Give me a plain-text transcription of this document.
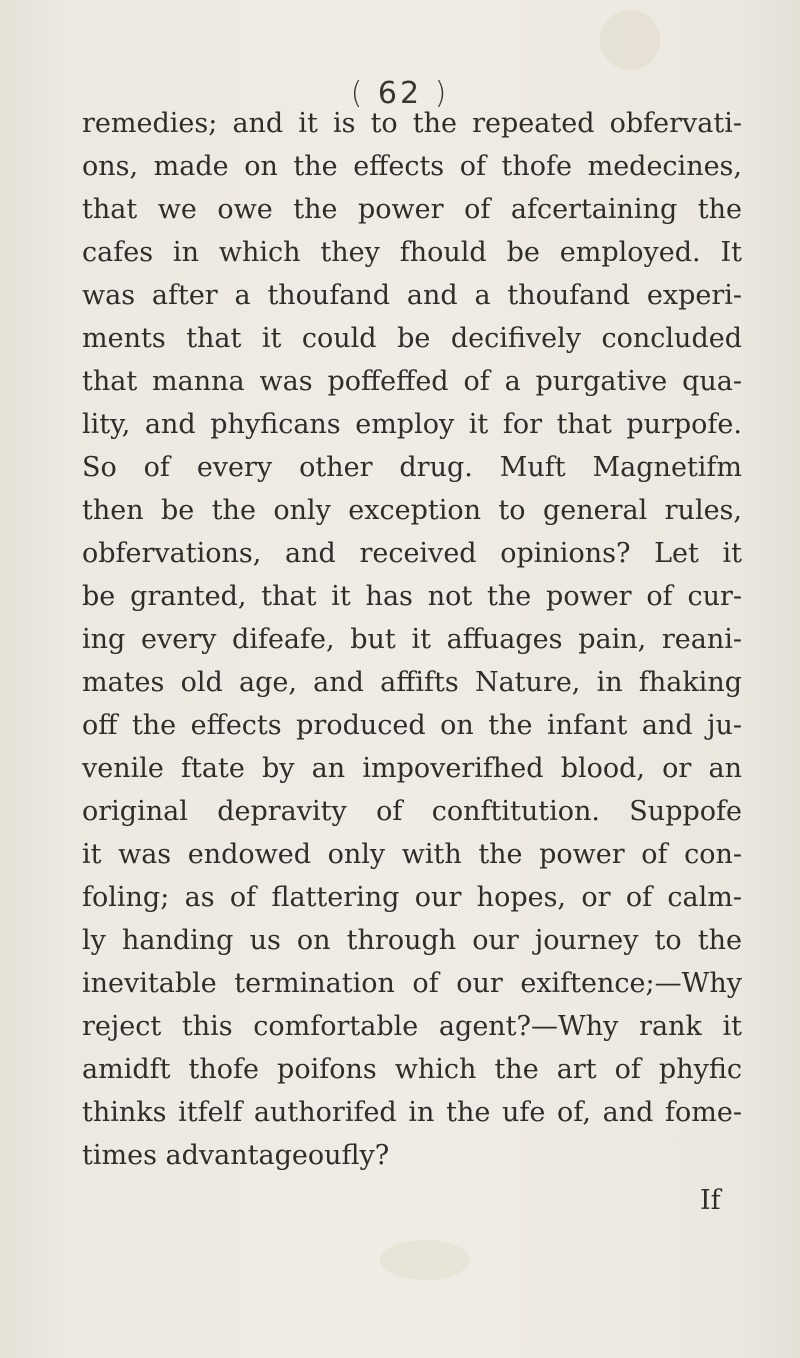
( 62 )
remedies; and it is to the repeated obfervati-
ons, made on the effects of thofe medecines,
that we owe the power of afcertaining the
cafes in which they fhould be employed. It
was after a thoufand and a thoufand experi-
ments that it could be decifively concluded
that manna was poffeffed of a purgative qua-
lity, and phyficans employ it for that purpofe.
So of every other drug. Muft Magnetifm
then be the only exception to general rules,
obfervations, and received opinions? Let it
be granted, that it has not the power of cur-
ing every difeafe, but it affuages pain, reani-
mates old age, and affifts Nature, in fhaking
off the effects produced on the infant and ju-
venile ftate by an impoverifhed blood, or an
original depravity of conftitution. Suppofe
it was endowed only with the power of con-
foling; as of flattering our hopes, or of calm-
ly handing us on through our journey to the
inevitable termination of our exiftence;—Why
reject this comfortable agent?—Why rank it
amidft thofe poifons which the art of phyfic
thinks itfelf authorifed in the ufe of, and fome-
times advantageoufly?
If
